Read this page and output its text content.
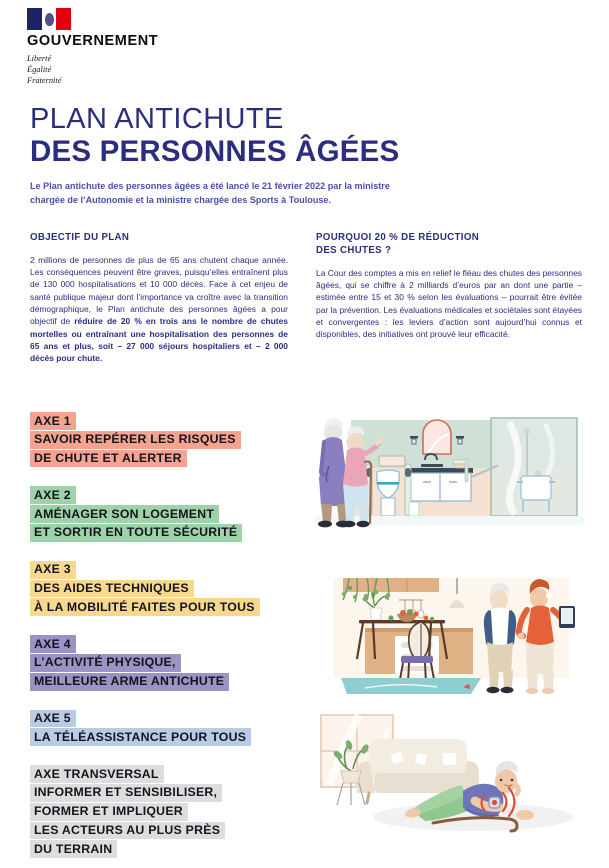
GOUVERNEMENT
Liberté
Égalité
Fraternité
PLAN ANTICHUTE
DES PERSONNES ÂGÉES
Le Plan antichute des personnes âgées a été lancé le 21 février 2022 par la ministre chargée de l’Autonomie et la ministre chargée des Sports à Toulouse.
OBJECTIF DU PLAN

2 millions de personnes de plus de 65 ans chutent chaque année. Les conséquences peuvent être graves, puisqu’elles entraînent plus de 130 000 hospitalisations et 10 000 décès. Face à cet enjeu de santé publique majeur dont l’importance va croître avec la transition démographique, le Plan antichute des personnes âgées a pour objectif de réduire de 20 % en trois ans le nombre de chutes mortelles ou entraînant une hospitalisation des personnes de 65 ans et plus, soit – 27 000 séjours hospitaliers et – 2 000 décès pour chute.

POURQUOI 20 % DE RÉDUCTION
DES CHUTES ?

La Cour des comptes a mis en relief le fléau des chutes des personnes âgées, qui se chiffre à 2 milliards d’euros par an dont une partie – estimée entre 15 et 30 % selon les évaluations – pourrait être évitée par la prévention. Les évaluations médicales et sociétales sont étayées et convergentes : les leviers d’action sont aujourd’hui connus et disponibles, des initiatives ont prouvé leur efficacité.

AXE 1
SAVOIR REPÉRER LES RISQUES
DE CHUTE ET ALERTER
AXE 2
AMÉNAGER SON LOGEMENT
ET SORTIR EN TOUTE SÉCURITÉ
AXE 3
DES AIDES TECHNIQUES
À LA MOBILITÉ FAITES POUR TOUS
AXE 4
L’ACTIVITÉ PHYSIQUE,
MEILLEURE ARME ANTICHUTE
AXE 5
LA TÉLÉASSISTANCE POUR TOUS
AXE TRANSVERSAL
INFORMER ET SENSIBILISER,
FORMER ET IMPLIQUER
LES ACTEURS AU PLUS PRÈS
DU TERRAIN
